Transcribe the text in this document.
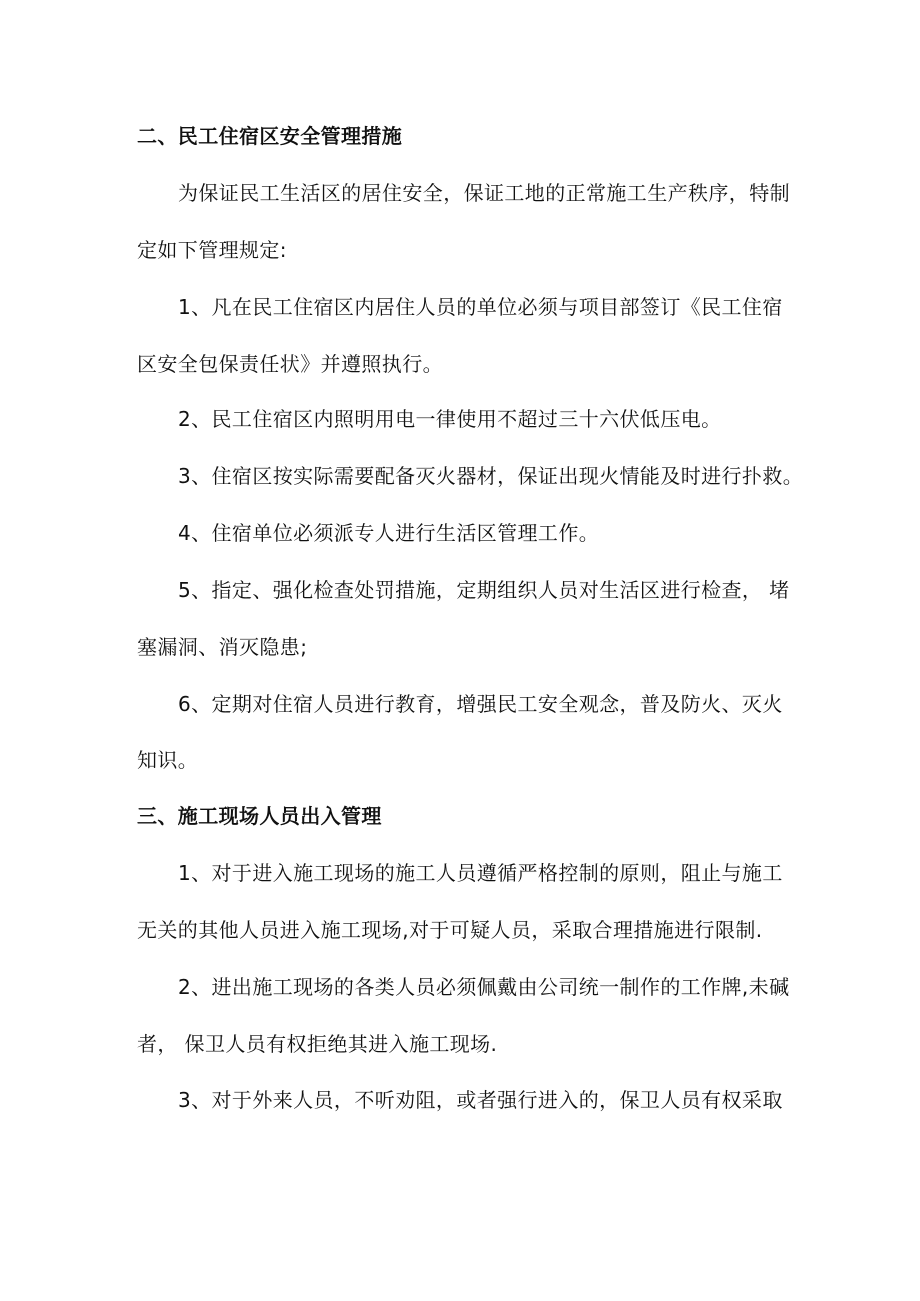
二、民工住宿区安全管理措施
为保证民工生活区的居住安全，保证工地的正常施工生产秩序，特制
定如下管理规定:
1、凡在民工住宿区内居住人员的单位必须与项目部签订《民工住宿
区安全包保责任状》并遵照执行。
2、民工住宿区内照明用电一律使用不超过三十六伏低压电。
3、住宿区按实际需要配备灭火器材，保证出现火情能及时进行扑救。
4、住宿单位必须派专人进行生活区管理工作。
5、指定、强化检查处罚措施，定期组织人员对生活区进行检查， 堵
塞漏洞、消灭隐患;
6、定期对住宿人员进行教育，增强民工安全观念，普及防火、灭火
知识。
三、施工现场人员出入管理
1、对于进入施工现场的施工人员遵循严格控制的原则，阻止与施工
无关的其他人员进入施工现场,对于可疑人员，采取合理措施进行限制.
2、进出施工现场的各类人员必须佩戴由公司统一制作的工作牌,未碱
者， 保卫人员有权拒绝其进入施工现场.
3、对于外来人员，不听劝阻，或者强行进入的，保卫人员有权采取
